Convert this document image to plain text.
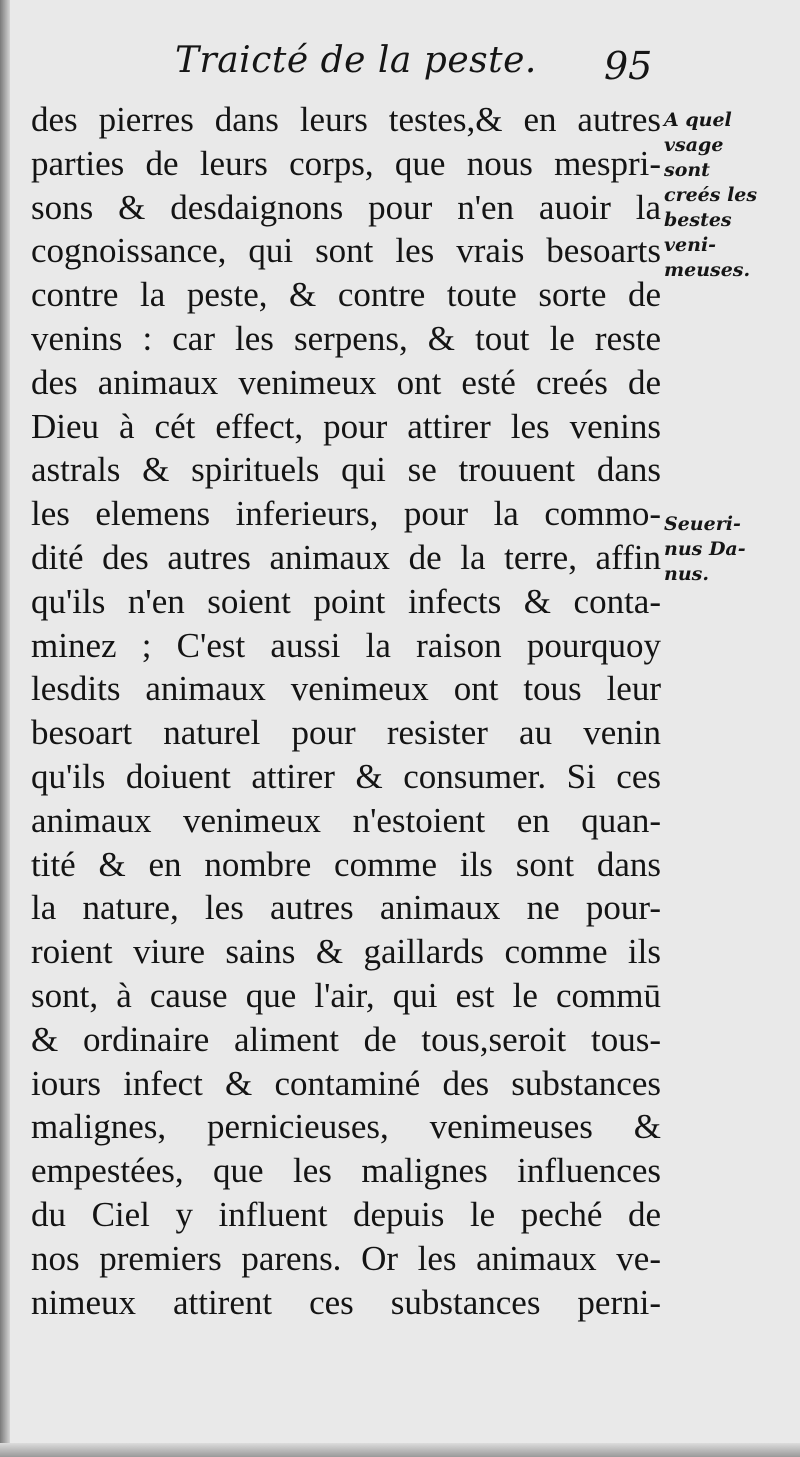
Traicté de la peste. 95
des pierres dans leurs testes,& en autres
parties de leurs corps, que nous mespri-
sons & desdaignons pour n'en auoir la
cognoissance, qui sont les vrais besoarts
contre la peste, & contre toute sorte de
venins : car les serpens, & tout le reste
des animaux venimeux ont esté creés de
Dieu à cét effect, pour attirer les venins
astrals & spirituels qui se trouuent dans
les elemens inferieurs, pour la commo-
dité des autres animaux de la terre, affin
qu'ils n'en soient point infects & conta-
minez ; C'est aussi la raison pourquoy
lesdits animaux venimeux ont tous leur
besoart naturel pour resister au venin
qu'ils doiuent attirer & consumer. Si ces
animaux venimeux n'estoient en quan-
tité & en nombre comme ils sont dans
la nature, les autres animaux ne pour-
roient viure sains & gaillards comme ils
sont, à cause que l'air, qui est le commū
& ordinaire aliment de tous,seroit tous-
iours infect & contaminé des substances
malignes, pernicieuses, venimeuses &
empestées, que les malignes influences
du Ciel y influent depuis le peché de
nos premiers parens. Or les animaux ve-
nimeux attirent ces substances perni-
A quel
vsage
sont
creés les
bestes
veni-
meuses.
Seueri-
nus Da-
nus.
